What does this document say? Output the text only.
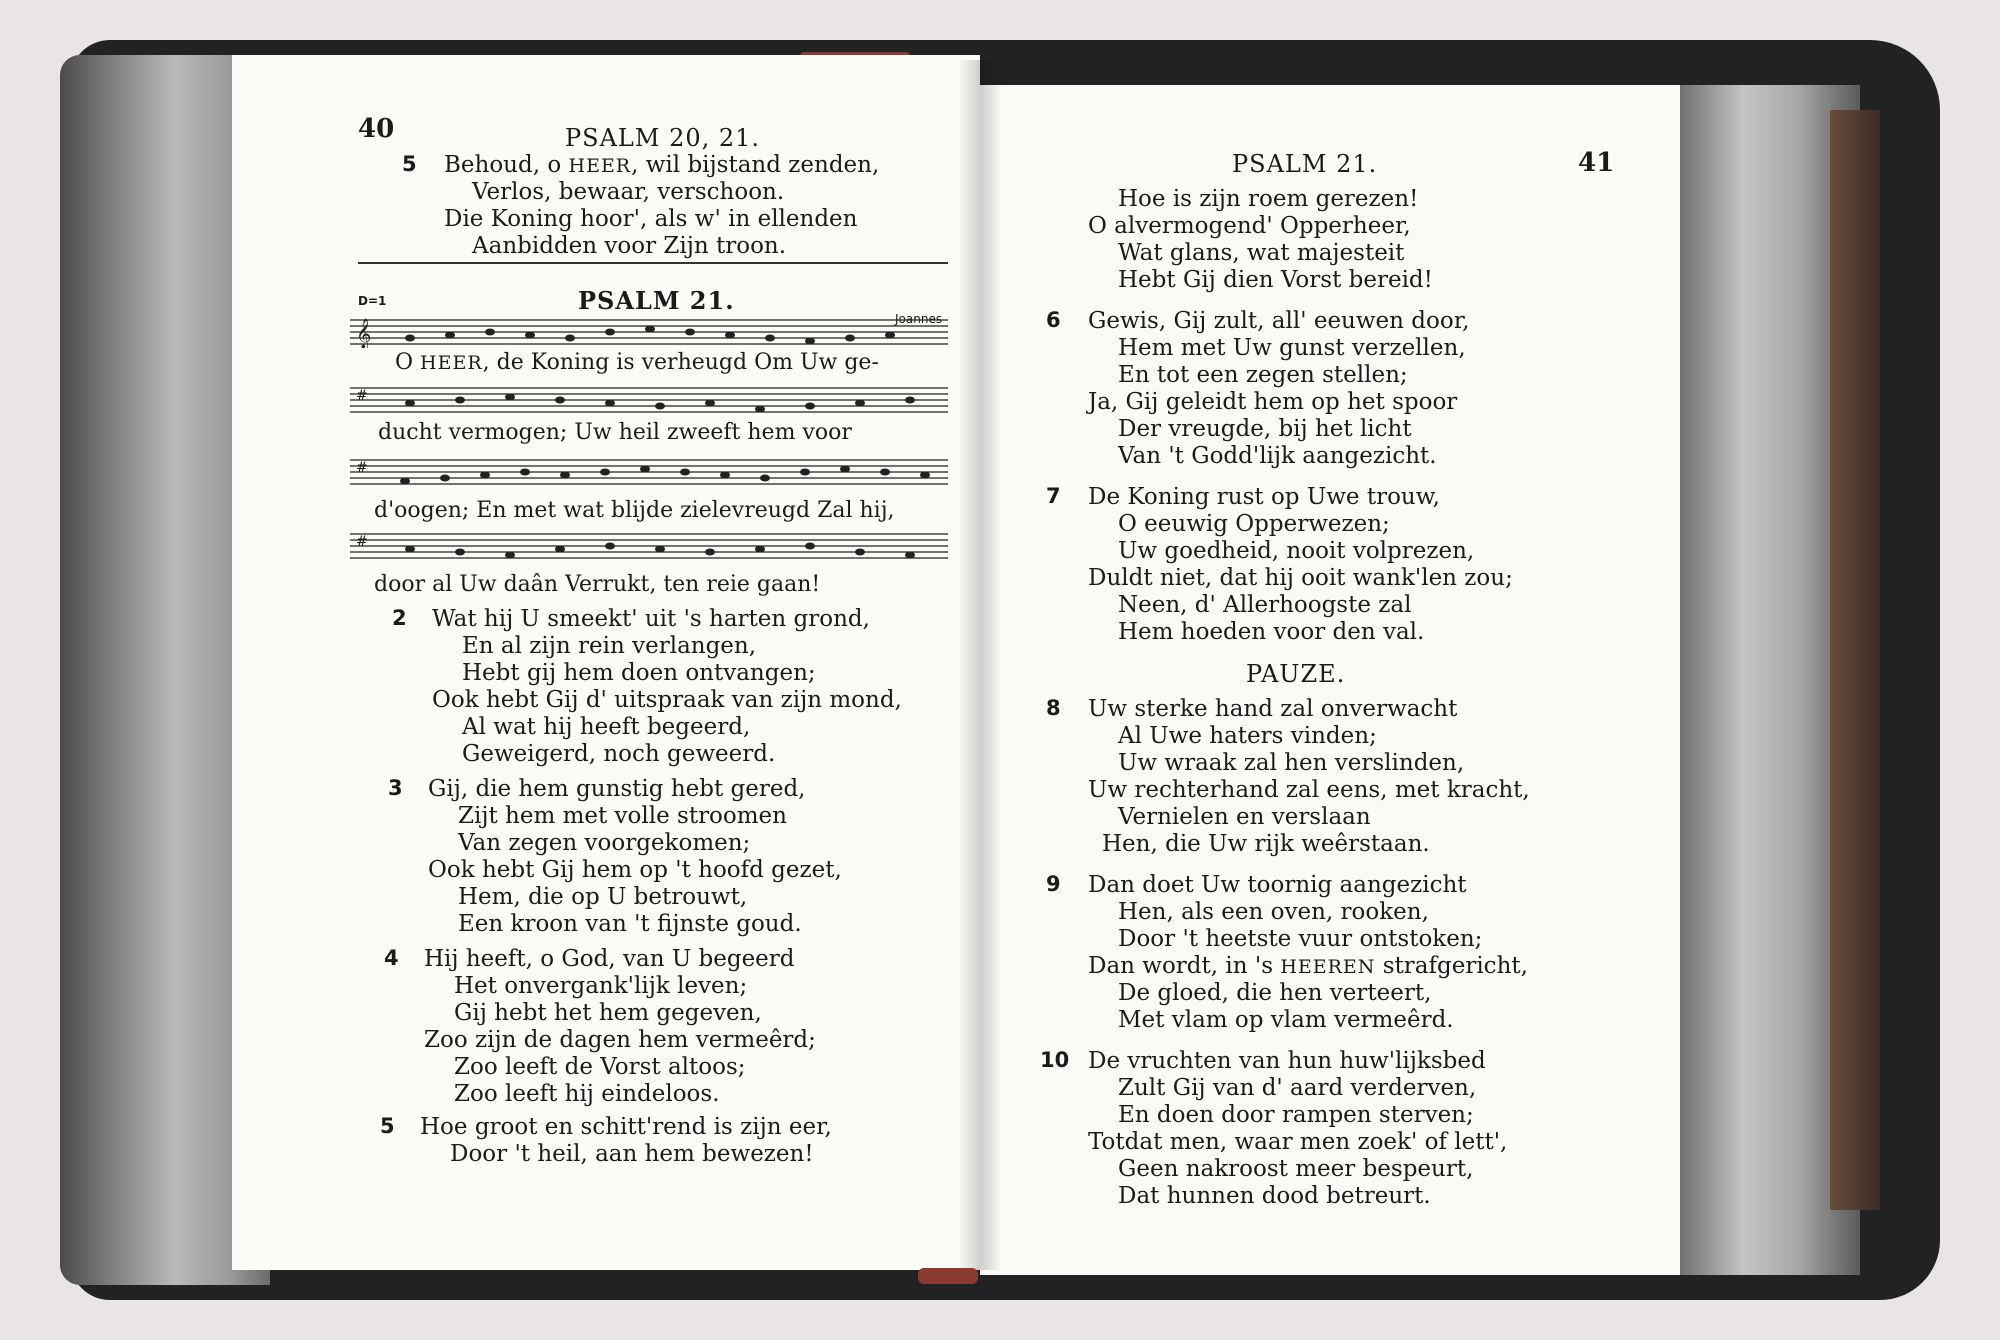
40	PSALM 20, 21.
5 Behoud, o HEER, wil bijstand zenden,
Verlos, bewaar, verschoon.
Die Koning hoor', als w' in ellenden
Aanbidden voor Zijn troon.
D=1	PSALM 21.
Joannes
𝄞
O HEER, de Koning is verheugd Om Uw ge-
#
ducht vermogen; Uw heil zweeft hem voor
#
d'oogen; En met wat blijde zielevreugd Zal hij,
#
door al Uw daân Verrukt, ten reie gaan!
2 Wat hij U smeekt' uit 's harten grond,
En al zijn rein verlangen,
Hebt gij hem doen ontvangen;
Ook hebt Gij d' uitspraak van zijn mond,
Al wat hij heeft begeerd,
Geweigerd, noch geweerd.
3 Gij, die hem gunstig hebt gered,
Zijt hem met volle stroomen
Van zegen voorgekomen;
Ook hebt Gij hem op 't hoofd gezet,
Hem, die op U betrouwt,
Een kroon van 't fijnste goud.
4 Hij heeft, o God, van U begeerd
Het onvergank'lijk leven;
Gij hebt het hem gegeven,
Zoo zijn de dagen hem vermeêrd;
Zoo leeft de Vorst altoos;
Zoo leeft hij eindeloos.
5 Hoe groot en schitt'rend is zijn eer,
Door 't heil, aan hem bewezen!
PSALM 21.	41
Hoe is zijn roem gerezen!
O alvermogend' Opperheer,
Wat glans, wat majesteit
Hebt Gij dien Vorst bereid!
6 Gewis, Gij zult, all' eeuwen door,
Hem met Uw gunst verzellen,
En tot een zegen stellen;
Ja, Gij geleidt hem op het spoor
Der vreugde, bij het licht
Van 't Godd'lijk aangezicht.
7 De Koning rust op Uwe trouw,
O eeuwig Opperwezen;
Uw goedheid, nooit volprezen,
Duldt niet, dat hij ooit wank'len zou;
Neen, d' Allerhoogste zal
Hem hoeden voor den val.
PAUZE.
8 Uw sterke hand zal onverwacht
Al Uwe haters vinden;
Uw wraak zal hen verslinden,
Uw rechterhand zal eens, met kracht,
Vernielen en verslaan
Hen, die Uw rijk weêrstaan.
9 Dan doet Uw toornig aangezicht
Hen, als een oven, rooken,
Door 't heetste vuur ontstoken;
Dan wordt, in 's HEEREN strafgericht,
De gloed, die hen verteert,
Met vlam op vlam vermeêrd.
10 De vruchten van hun huw'lijksbed
Zult Gij van d' aard verderven,
En doen door rampen sterven;
Totdat men, waar men zoek' of lett',
Geen nakroost meer bespeurt,
Dat hunnen dood betreurt.
